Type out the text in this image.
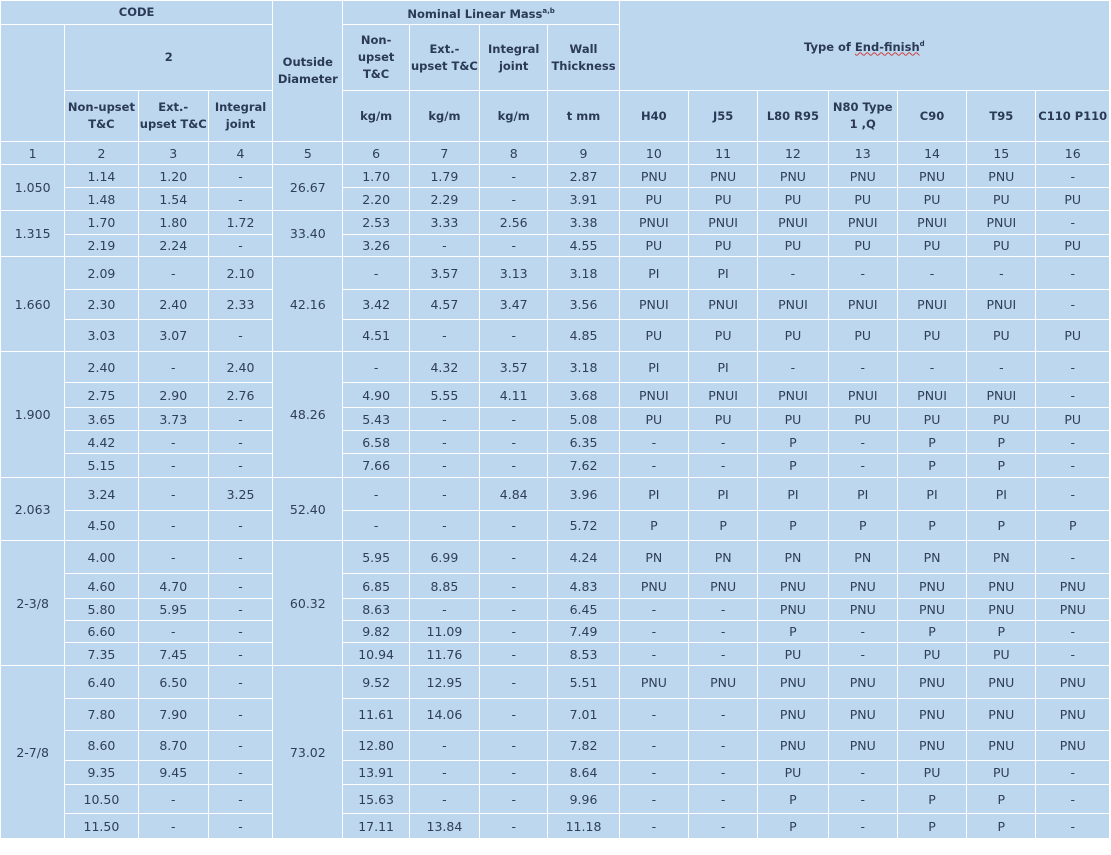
CODE				Outside Diameter	Nominal Linear Mass$^{a,b}$				Type of End-finish$^d$
	2				Non-upset T&C	Ext.- upset T&C	Integral joint	Wall Thickness							
	Non-upset T&C	Ext.- upset T&C	Integral joint		kg/m	kg/m	kg/m	t mm	H40	J55	L80 R95	N80 Type 1 ,Q	C90	T95	C110 P110
1	2	3	4	5	6	7	8	9	10	11	12	13	14	15	16
1.050	1.14	1.20	-	26.67	1.70	1.79	-	2.87	PNU	PNU	PNU	PNU	PNU	PNU	-
	1.48	1.54	-		2.20	2.29	-	3.91	PU	PU	PU	PU	PU	PU	PU
1.315	1.70	1.80	1.72	33.40	2.53	3.33	2.56	3.38	PNUI	PNUI	PNUI	PNUI	PNUI	PNUI	-
	2.19	2.24	-		3.26	-	-	4.55	PU	PU	PU	PU	PU	PU	PU
1.660	2.09	-	2.10	42.16	-	3.57	3.13	3.18	PI	PI	-	-	-	-	-
	2.30	2.40	2.33		3.42	4.57	3.47	3.56	PNUI	PNUI	PNUI	PNUI	PNUI	PNUI	-
	3.03	3.07	-		4.51	-	-	4.85	PU	PU	PU	PU	PU	PU	PU
1.900	2.40	-	2.40	48.26	-	4.32	3.57	3.18	PI	PI	-	-	-	-	-
	2.75	2.90	2.76		4.90	5.55	4.11	3.68	PNUI	PNUI	PNUI	PNUI	PNUI	PNUI	-
	3.65	3.73	-		5.43	-	-	5.08	PU	PU	PU	PU	PU	PU	PU
	4.42	-	-		6.58	-	-	6.35	-	-	P	-	P	P	-
	5.15	-	-		7.66	-	-	7.62	-	-	P	-	P	P	-
2.063	3.24	-	3.25	52.40	-	-	4.84	3.96	PI	PI	PI	PI	PI	PI	-
	4.50	-	-		-	-	-	5.72	P	P	P	P	P	P	P
2-3/8	4.00	-	-	60.32	5.95	6.99	-	4.24	PN	PN	PN	PN	PN	PN	-
	4.60	4.70	-		6.85	8.85	-	4.83	PNU	PNU	PNU	PNU	PNU	PNU	PNU
	5.80	5.95	-		8.63	-	-	6.45	-	-	PNU	PNU	PNU	PNU	PNU
	6.60	-	-		9.82	11.09	-	7.49	-	-	P	-	P	P	-
	7.35	7.45	-		10.94	11.76	-	8.53	-	-	PU	-	PU	PU	-
2-7/8	6.40	6.50	-	73.02	9.52	12.95	-	5.51	PNU	PNU	PNU	PNU	PNU	PNU	PNU
	7.80	7.90	-		11.61	14.06	-	7.01	-	-	PNU	PNU	PNU	PNU	PNU
	8.60	8.70	-		12.80	-	-	7.82	-	-	PNU	PNU	PNU	PNU	PNU
	9.35	9.45	-		13.91	-	-	8.64	-	-	PU	-	PU	PU	-
	10.50	-	-		15.63	-	-	9.96	-	-	P	-	P	P	-
	11.50	-	-		17.11	13.84	-	11.18	-	-	P	-	P	P	-
